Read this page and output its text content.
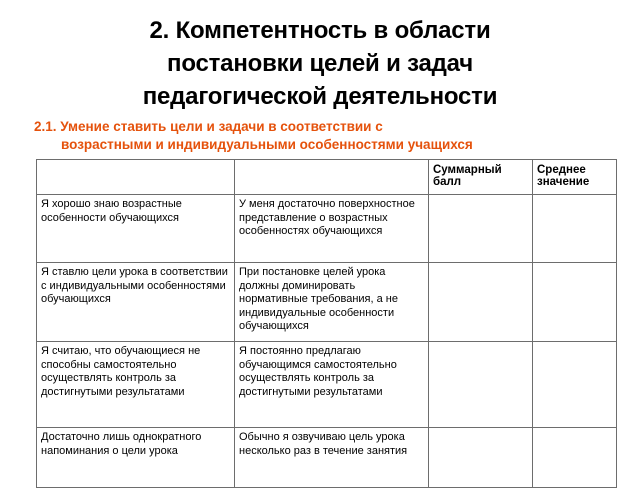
2. Компетентность в области
постановки целей и задач
педагогической деятельности
2.1. Умение ставить цели и задачи в соответствии с
возрастными и индивидуальными особенностями учащихся
		Суммарный балл	Среднее значение
Я хорошо знаю возрастные особенности обучающихся	У меня достаточно поверхностное представление о возрастных особенностях обучающихся		
Я ставлю цели урока в соответствии с индивидуальными особенностями обучающихся	При постановке целей урока должны доминировать нормативные требования, а не индивидуальные особенности обучающихся		
Я считаю, что обучающиеся не способны самостоятельно осуществлять контроль за достигнутыми результатами	Я постоянно предлагаю обучающимся самостоятельно осуществлять контроль за достигнутыми результатами		
Достаточно лишь однократного напоминания о цели урока	Обычно я озвучиваю цель урока несколько раз в течение занятия		
